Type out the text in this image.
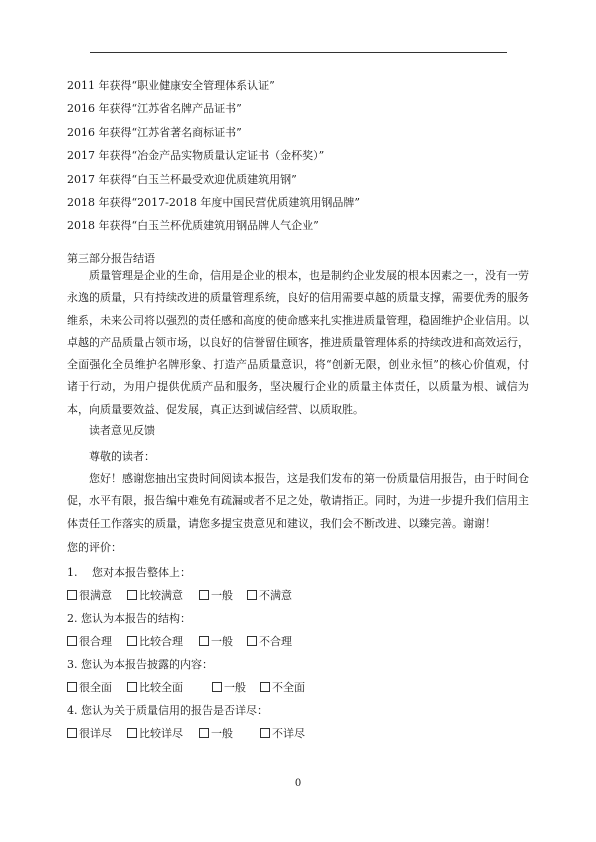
2011 年获得“职业健康安全管理体系认证”
2016 年获得“江苏省名牌产品证书”
2016 年获得“江苏省著名商标证书”
2017 年获得“冶金产品实物质量认定证书（金杯奖）”
2017 年获得“白玉兰杯最受欢迎优质建筑用钢”
2018 年获得“2017-2018 年度中国民营优质建筑用钢品牌”
2018 年获得“白玉兰杯优质建筑用钢品牌人气企业”
第三部分报告结语

质量管理是企业的生命，信用是企业的根本，也是制约企业发展的根本因素之一，没有一劳永逸的质量，只有持续改进的质量管理系统，良好的信用需要卓越的质量支撑，需要优秀的服务维系，未来公司将以强烈的责任感和高度的使命感来扎实推进质量管理，稳固维护企业信用。以卓越的产品质量占领市场，以良好的信誉留住顾客，推进质量管理体系的持续改进和高效运行，全面强化全员维护名牌形象、打造产品质量意识，将“创新无限，创业永恒”的核心价值观，付诸于行动，为用户提供优质产品和服务，坚决履行企业的质量主体责任，以质量为根、诚信为本，向质量要效益、促发展，真正达到诚信经营、以质取胜。

读者意见反馈
尊敬的读者：

您好！感谢您抽出宝贵时间阅读本报告，这是我们发布的第一份质量信用报告，由于时间仓促，水平有限，报告编中难免有疏漏或者不足之处，敬请指正。同时，为进一步提升我们信用主体责任工作落实的质量，请您多提宝贵意见和建议，我们会不断改进、以臻完善。谢谢！

您的评价：
1.　 您对本报告整体上：
很满意	比较满意	一般	不满意
2. 您认为本报告的结构：
很合理	比较合理	一般	不合理
3. 您认为本报告披露的内容：
很全面	比较全面	一般	不全面
4. 您认为关于质量信用的报告是否详尽：
很详尽	比较详尽	一般	不详尽
0
